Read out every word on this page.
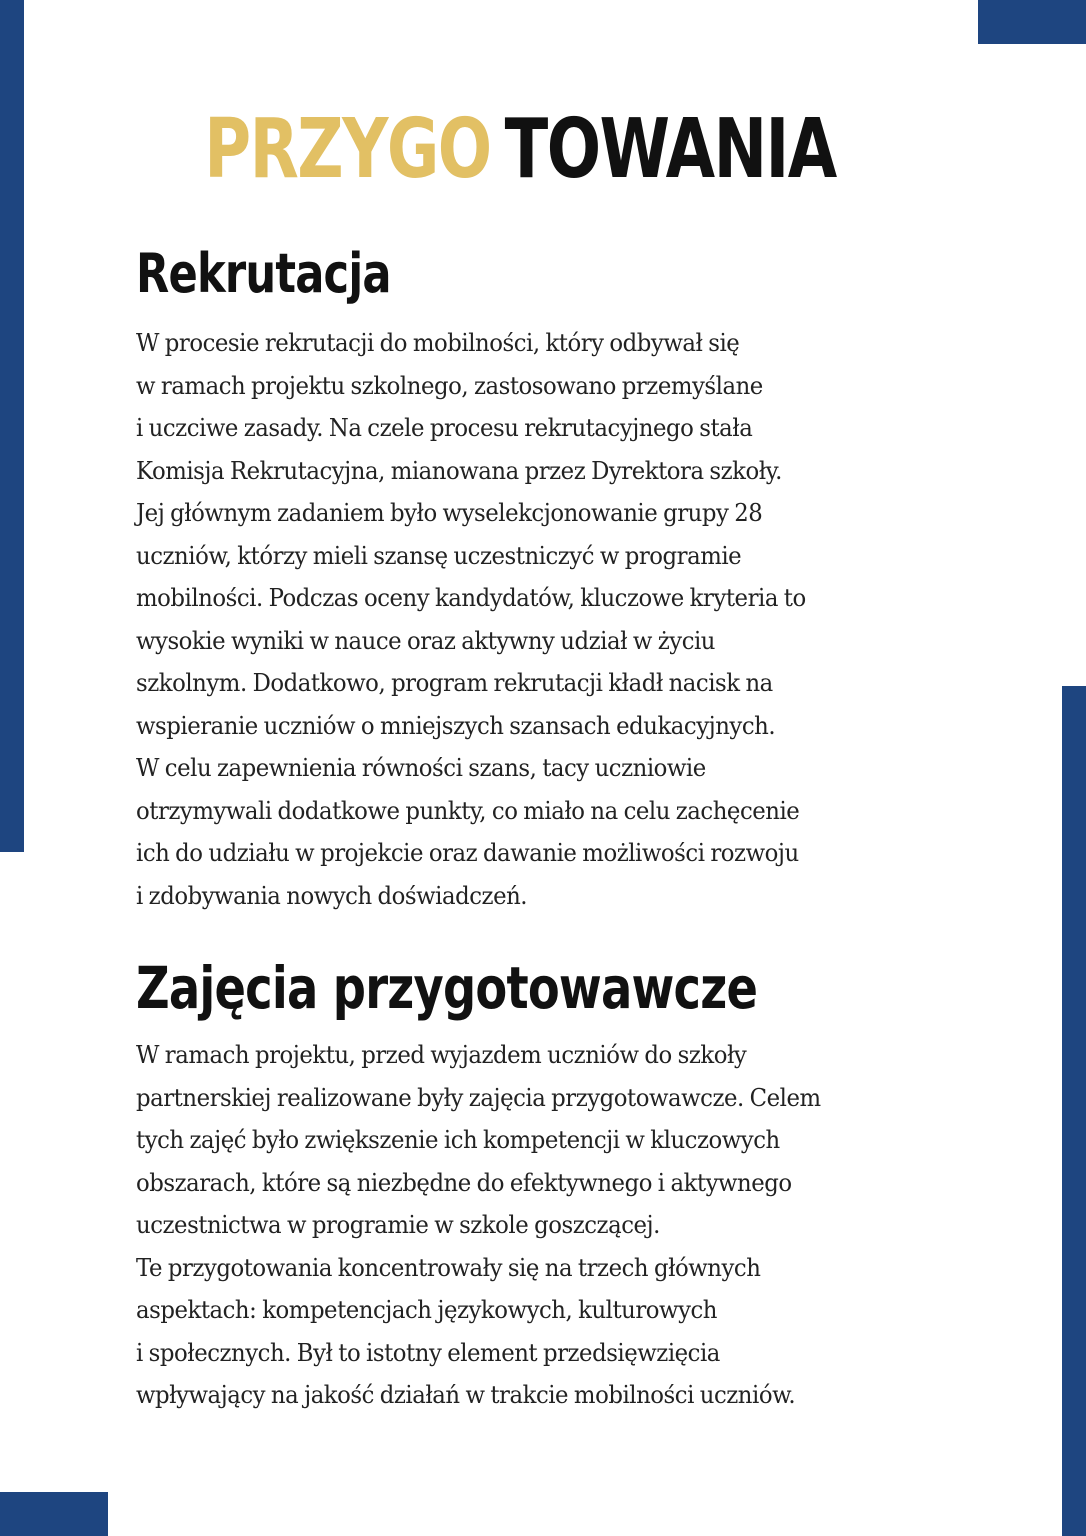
PRZYGO TOWANIA
Rekrutacja
W procesie rekrutacji do mobilności, który odbywał się
w ramach projektu szkolnego, zastosowano przemyślane
i uczciwe zasady. Na czele procesu rekrutacyjnego stała
Komisja Rekrutacyjna, mianowana przez Dyrektora szkoły.
Jej głównym zadaniem było wyselekcjonowanie grupy 28
uczniów, którzy mieli szansę uczestniczyć w programie
mobilności. Podczas oceny kandydatów, kluczowe kryteria to
wysokie wyniki w nauce oraz aktywny udział w życiu
szkolnym. Dodatkowo, program rekrutacji kładł nacisk na
wspieranie uczniów o mniejszych szansach edukacyjnych.
W celu zapewnienia równości szans, tacy uczniowie
otrzymywali dodatkowe punkty, co miało na celu zachęcenie
ich do udziału w projekcie oraz dawanie możliwości rozwoju
i zdobywania nowych doświadczeń.
Zajęcia przygotowawcze
W ramach projektu, przed wyjazdem uczniów do szkoły
partnerskiej realizowane były zajęcia przygotowawcze. Celem
tych zajęć było zwiększenie ich kompetencji w kluczowych
obszarach, które są niezbędne do efektywnego i aktywnego
uczestnictwa w programie w szkole goszczącej.
Te przygotowania koncentrowały się na trzech głównych
aspektach: kompetencjach językowych, kulturowych
i społecznych. Był to istotny element przedsięwzięcia
wpływający na jakość działań w trakcie mobilności uczniów.
